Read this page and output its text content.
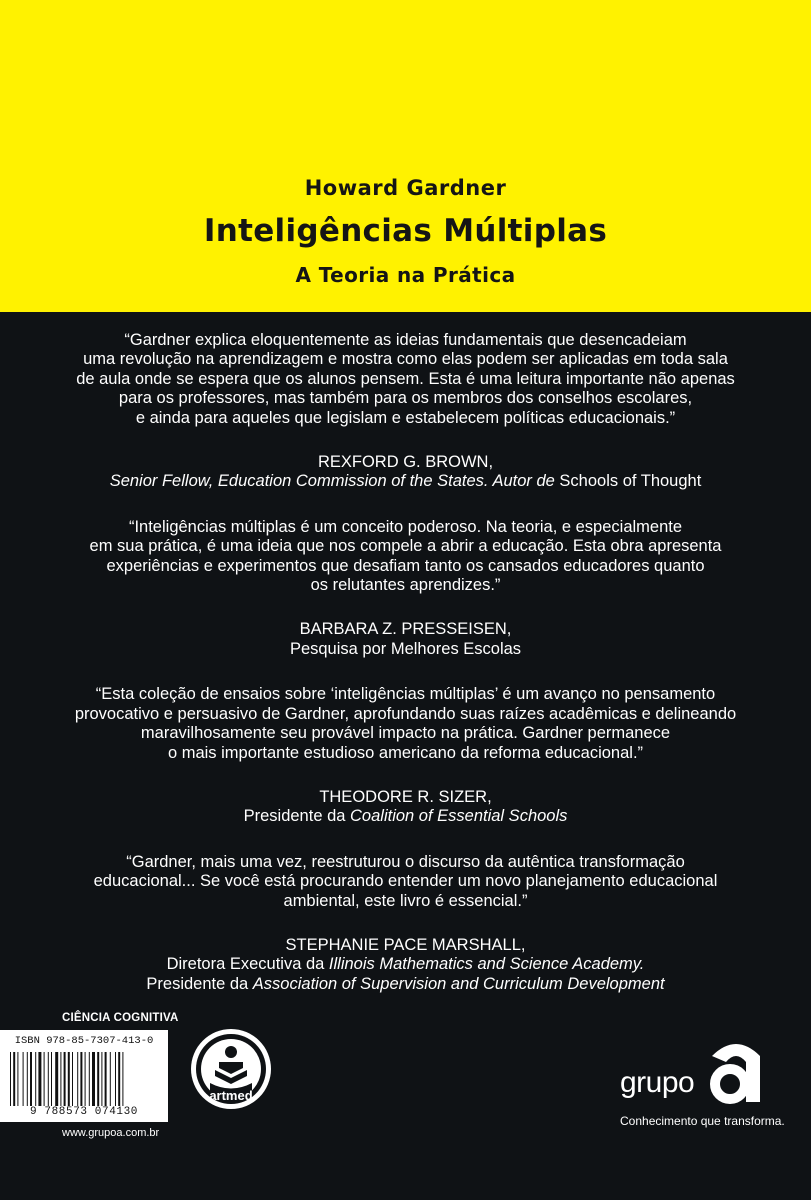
Howard Gardner
Inteligências Múltiplas
A Teoria na Prática
“Gardner explica eloquentemente as ideias fundamentais que desencadeiam
uma revolução na aprendizagem e mostra como elas podem ser aplicadas em toda sala
de aula onde se espera que os alunos pensem. Esta é uma leitura importante não apenas
para os professores, mas também para os membros dos conselhos escolares,
e ainda para aqueles que legislam e estabelecem políticas educacionais.”
REXFORD G. BROWN,
Senior Fellow, Education Commission of the States. Autor de Schools of Thought
“Inteligências múltiplas é um conceito poderoso. Na teoria, e especialmente
em sua prática, é uma ideia que nos compele a abrir a educação. Esta obra apresenta
experiências e experimentos que desafiam tanto os cansados educadores quanto
os relutantes aprendizes.”
BARBARA Z. PRESSEISEN,
Pesquisa por Melhores Escolas
“Esta coleção de ensaios sobre ‘inteligências múltiplas’ é um avanço no pensamento
provocativo e persuasivo de Gardner, aprofundando suas raízes acadêmicas e delineando
maravilhosamente seu provável impacto na prática. Gardner permanece
o mais importante estudioso americano da reforma educacional.”
THEODORE R. SIZER,
Presidente da Coalition of Essential Schools
“Gardner, mais uma vez, reestruturou o discurso da autêntica transformação
educacional... Se você está procurando entender um novo planejamento educacional
ambiental, este livro é essencial.”
STEPHANIE PACE MARSHALL,
Diretora Executiva da Illinois Mathematics and Science Academy.
Presidente da Association of Supervision and Curriculum Development
CIÊNCIA COGNITIVA
ISBN 978-85-7307-413-0
9 788573 074130
www.grupoa.com.br
artmed	grupo
Conhecimento que transforma.
